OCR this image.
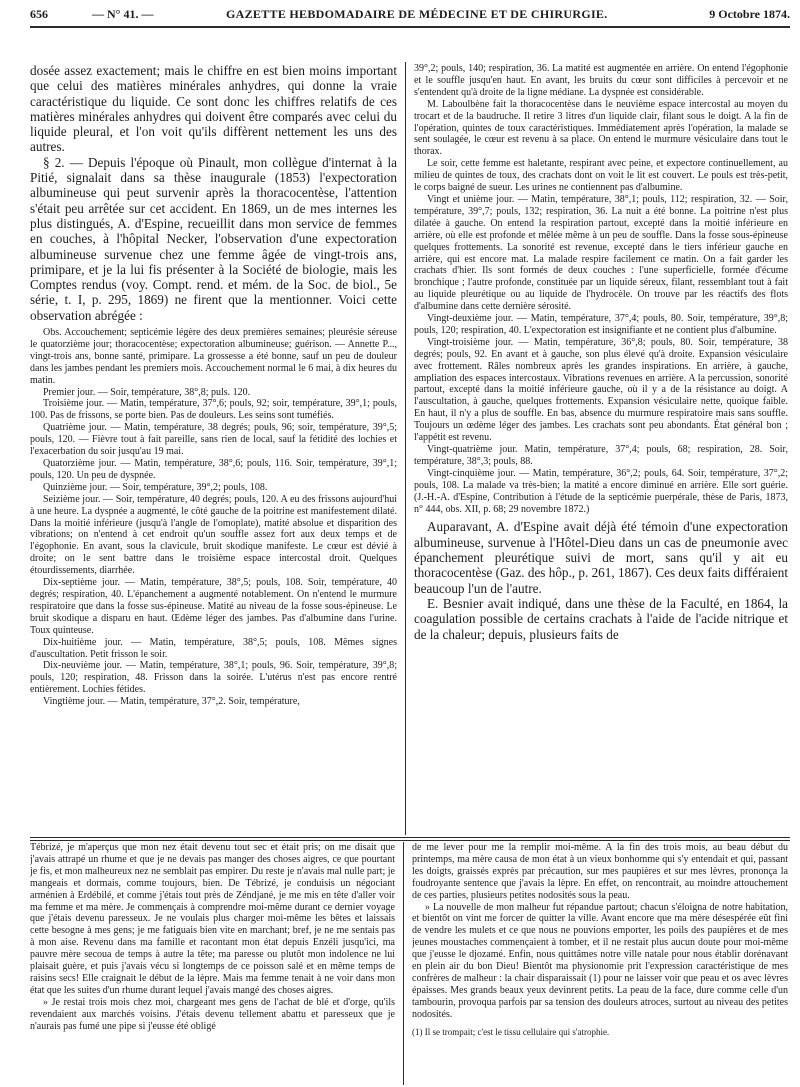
656	— N° 41. —	GAZETTE HEBDOMADAIRE DE MÉDECINE ET DE CHIRURGIE.	9 Octobre 1874.

dosée assez exactement; mais le chiffre en est bien moins important que celui des matières minérales anhydres, qui donne la vraie caractéristique du liquide. Ce sont donc les chiffres relatifs de ces matières minérales anhydres qui doivent être comparés avec celui du liquide pleural, et l'on voit qu'ils diffèrent nettement les uns des autres.

§ 2. — Depuis l'époque où Pinault, mon collègue d'internat à la Pitié, signalait dans sa thèse inaugurale (1853) l'expectoration albumineuse qui peut survenir après la thoracocentèse, l'attention s'était peu arrêtée sur cet accident. En 1869, un de mes internes les plus distingués, A. d'Espine, recueillit dans mon service de femmes en couches, à l'hôpital Necker, l'observation d'une expectoration albumineuse survenue chez une femme âgée de vingt-trois ans, primipare, et je la lui fis présenter à la Société de biologie, mais les Comptes rendus (voy. Compt. rend. et mém. de la Soc. de biol., 5e série, t. I, p. 295, 1869) ne firent que la mentionner. Voici cette observation abrégée :

Obs. Accouchement; septicémie légère des deux premières semaines; pleurésie séreuse le quatorzième jour; thoracocentèse; expectoration albumineuse; guérison. — Annette P..., vingt-trois ans, bonne santé, primipare. La grossesse a été bonne, sauf un peu de douleur dans les jambes pendant les premiers mois. Accouchement normal le 6 mai, à dix heures du matin.

Premier jour. — Soir, température, 38°,8; puls. 120.

Troisième jour. — Matin, température, 37°,6; pouls, 92; soir, température, 39°,1; pouls, 100. Pas de frissons, se porte bien. Pas de douleurs. Les seins sont tuméfiés.

Quatrième jour. — Matin, température, 38 degrés; pouls, 96; soir, température, 39°,5; pouls, 120. — Fièvre tout à fait pareille, sans rien de local, sauf la fétidité des lochies et l'exacerbation du soir jusqu'au 19 mai.

Quatorzième jour. — Matin, température, 38°,6; pouls, 116. Soir, température, 39°,1; pouls, 120. Un peu de dyspnée.

Quinzième jour. — Soir, température, 39°,2; pouls, 108.

Seizième jour. — Soir, température, 40 degrés; pouls, 120. A eu des frissons aujourd'hui à une heure. La dyspnée a augmenté, le côté gauche de la poitrine est manifestement dilaté. Dans la moitié inférieure (jusqu'à l'angle de l'omoplate), matité absolue et disparition des vibrations; on n'entend à cet endroit qu'un souffle assez fort aux deux temps et de l'égophonie. En avant, sous la clavicule, bruit skodique manifeste. Le cœur est dévié à droite; on le sent battre dans le troisième espace intercostal droit. Quelques étourdissements, diarrhée.

Dix-septième jour. — Matin, température, 38°,5; pouls, 108. Soir, température, 40 degrés; respiration, 40. L'épanchement a augmenté notablement. On n'entend le murmure respiratoire que dans la fosse sus-épineuse. Matité au niveau de la fosse sous-épineuse. Le bruit skodique a disparu en haut. Œdème léger des jambes. Pas d'albumine dans l'urine. Toux quinteuse.

Dix-huitième jour. — Matin, température, 38°,5; pouls, 108. Mêmes signes d'auscultation. Petit frisson le soir.

Dix-neuvième jour. — Matin, température, 38°,1; pouls, 96. Soir, température, 39°,8; pouls, 120; respiration, 48. Frisson dans la soirée. L'utérus n'est pas encore rentré entièrement. Lochies fétides.

Vingtième jour. — Matin, température, 37°,2. Soir, température,

39°,2; pouls, 140; respiration, 36. La matité est augmentée en arrière. On entend l'égophonie et le souffle jusqu'en haut. En avant, les bruits du cœur sont difficiles à percevoir et ne s'entendent qu'à droite de la ligne médiane. La dyspnée est considérable.

M. Laboulbène fait la thoracocentèse dans le neuvième espace intercostal au moyen du trocart et de la baudruche. Il retire 3 litres d'un liquide clair, filant sous le doigt. A la fin de l'opération, quintes de toux caractéristiques. Immédiatement après l'opération, la malade se sent soulagée, le cœur est revenu à sa place. On entend le murmure vésiculaire dans tout le thorax.

Le soir, cette femme est haletante, respirant avec peine, et expectore continuellement, au milieu de quintes de toux, des crachats dont on voit le lit est couvert. Le pouls est très-petit, le corps baigné de sueur. Les urines ne contiennent pas d'albumine.

Vingt et unième jour. — Matin, température, 38°,1; pouls, 112; respiration, 32. — Soir, température, 39°,7; pouls, 132; respiration, 36. La nuit a été bonne. La poitrine n'est plus dilatée à gauche. On entend la respiration partout, excepté dans la moitié inférieure en arrière, où elle est profonde et mêlée même à un peu de souffle. Dans la fosse sous-épineuse quelques frottements. La sonorité est revenue, excepté dans le tiers inférieur gauche en arrière, qui est encore mat. La malade respire facilement ce matin. On a fait garder les crachats d'hier. Ils sont formés de deux couches : l'une superficielle, formée d'écume bronchique ; l'autre profonde, constituée par un liquide séreux, filant, ressemblant tout à fait au liquide pleurétique ou au liquide de l'hydrocèle. On trouve par les réactifs des flots d'albumine dans cette dernière sérosité.

Vingt-deuxième jour. — Matin, température, 37°,4; pouls, 80. Soir, température, 39°,8; pouls, 120; respiration, 40. L'expectoration est insignifiante et ne contient plus d'albumine.

Vingt-troisième jour. — Matin, température, 36°,8; pouls, 80. Soir, température, 38 degrés; pouls, 92. En avant et à gauche, son plus élevé qu'à droite. Expansion vésiculaire avec frottement. Râles nombreux après les grandes inspirations. En arrière, à gauche, ampliation des espaces intercostaux. Vibrations revenues en arrière. A la percussion, sonorité partout, excepté dans la moitié inférieure gauche, où il y a de la résistance au doigt. A l'auscultation, à gauche, quelques frottements. Expansion vésiculaire nette, quoique faible. En haut, il n'y a plus de souffle. En bas, absence du murmure respiratoire mais sans souffle. Toujours un œdème léger des jambes. Les crachats sont peu abondants. État général bon ; l'appétit est revenu.

Vingt-quatrième jour. Matin, température, 37°,4; pouls, 68; respiration, 28. Soir, température, 38°,3; pouls, 88.

Vingt-cinquième jour. — Matin, température, 36°,2; pouls, 64. Soir, température, 37°,2; pouls, 108. La malade va très-bien; la matité a encore diminué en arrière. Elle sort guérie. (J.-H.-A. d'Espine, Contribution à l'étude de la septicémie puerpérale, thèse de Paris, 1873, n° 444, obs. XII, p. 68; 29 novembre 1872.)

Auparavant, A. d'Espine avait déjà été témoin d'une expectoration albumineuse, survenue à l'Hôtel-Dieu dans un cas de pneumonie avec épanchement pleurétique suivi de mort, sans qu'il y ait eu thoracocentèse (Gaz. des hôp., p. 261, 1867). Ces deux faits différaient beaucoup l'un de l'autre.

E. Besnier avait indiqué, dans une thèse de la Faculté, en 1864, la coagulation possible de certains crachats à l'aide de l'acide nitrique et de la chaleur; depuis, plusieurs faits de

Tébrizé, je m'aperçus que mon nez était devenu tout sec et était pris; on me disait que j'avais attrapé un rhume et que je ne devais pas manger des choses aigres, ce que pourtant je fis, et mon malheureux nez ne semblait pas empirer. Du reste je n'avais mal nulle part; je mangeais et dormais, comme toujours, bien. De Tébrizé, je conduisis un négociant arménien à Erdébilé, et comme j'étais tout près de Zéndjané, je me mis en tête d'aller voir ma femme et ma mère. Je commençais à comprendre moi-même durant ce dernier voyage que j'étais devenu paresseux. Je ne voulais plus charger moi-même les bêtes et laissais cette besogne à mes gens; je me fatiguais bien vite en marchant; bref, je ne me sentais pas à mon aise. Revenu dans ma famille et racontant mon état depuis Enzéli jusqu'ici, ma pauvre mère secoua de temps à autre la tête; ma paresse ou plutôt mon indolence ne lui plaisait guère, et puis j'avais vécu si longtemps de ce poisson salé et en même temps de raisins secs! Elle craignait le début de la lèpre. Mais ma femme tenait à ne voir dans mon état que les suites d'un rhume durant lequel j'avais mangé des choses aigres.

» Je restai trois mois chez moi, chargeant mes gens de l'achat de blé et d'orge, qu'ils revendaient aux marchés voisins. J'étais devenu tellement abattu et paresseux que je n'aurais pas fumé une pipe si j'eusse été obligé

de me lever pour me la remplir moi-même. A la fin des trois mois, au beau début du printemps, ma mère causa de mon état à un vieux bonhomme qui s'y entendait et qui, passant les doigts, graissés exprès par précaution, sur mes paupières et sur mes lèvres, prononça la foudroyante sentence que j'avais la lèpre. En effet, on rencontrait, au moindre attouchement de ces parties, plusieurs petites nodosités sous la peau.

» La nouvelle de mon malheur fut répandue partout; chacun s'éloigna de notre habitation, et bientôt on vint me forcer de quitter la ville. Avant encore que ma mère désespérée eût fini de vendre les mulets et ce que nous ne pouvions emporter, les poils des paupières et de mes jeunes moustaches commençaient à tomber, et il ne restait plus aucun doute pour moi-même que j'eusse le djozamé. Enfin, nous quittâmes notre ville natale pour nous établir dorénavant en plein air du bon Dieu! Bientôt ma physionomie prit l'expression caractéristique de mes confrères de malheur : la chair disparaissait (1) pour ne laisser voir que peau et os avec lèvres épaisses. Mes grands beaux yeux devinrent petits. La peau de la face, dure comme celle d'un tambourin, provoqua parfois par sa tension des douleurs atroces, surtout au niveau des petites nodosités.

(1) Il se trompait; c'est le tissu cellulaire qui s'atrophie.
